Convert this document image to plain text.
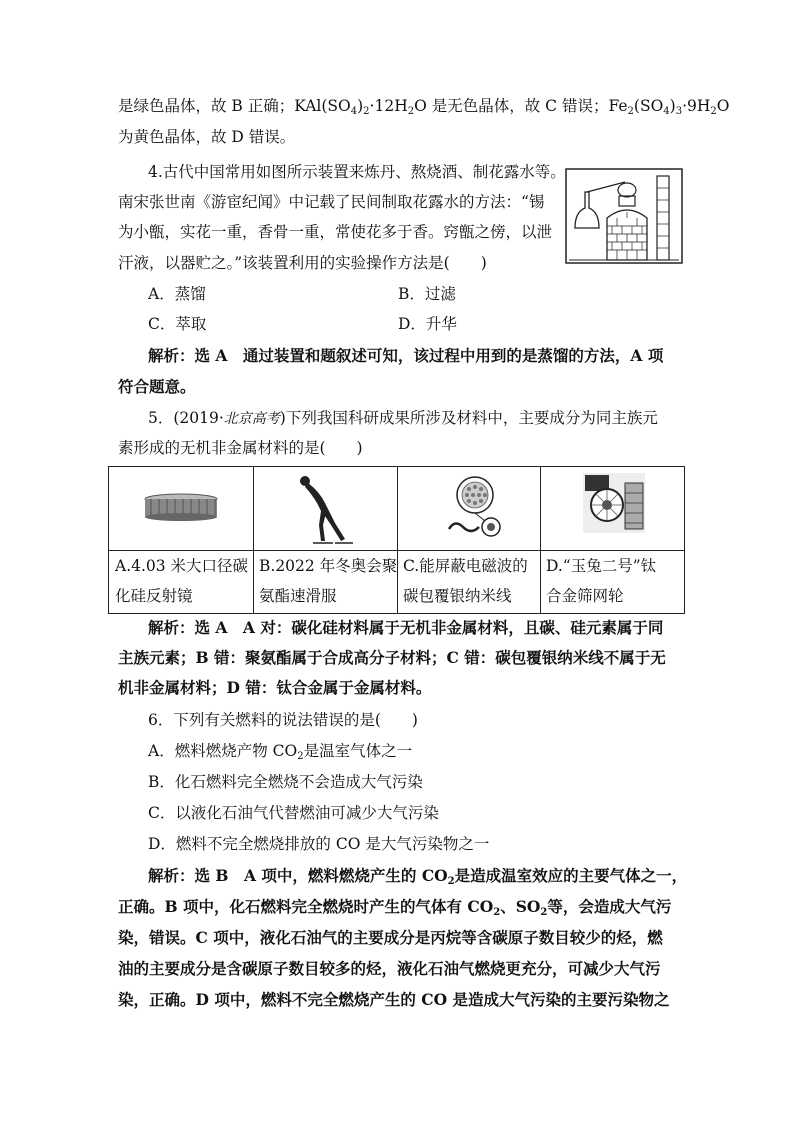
是绿色晶体，故 B 正确；$KAl(SO_4)_2\cdot 12H_2O$ 是无色晶体，故 C 错误；$Fe_2(SO_4)_3\cdot 9H_2O$
为黄色晶体，故 D 错误。
4.古代中国常用如图所示装置来炼丹、熬烧酒、制花露水等。
南宋张世南《游宦纪闻》中记载了民间制取花露水的方法：“锡
为小甑，实花一重，香骨一重，常使花多于香。窍甑之傍，以泄
汗液，以器贮之。”该装置利用的实验操作方法是(　　)
A．蒸馏	B．过滤
C．萃取	D．升华
解析：选 A　通过装置和题叙述可知，该过程中用到的是蒸馏的方法，A 项
符合题意。
5．(2019·北京高考)下列我国科研成果所涉及材料中，主要成分为同主族元
素形成的无机非金属材料的是(　　)
A.4.03 米大口径碳
化硅反射镜
B.2022 年冬奥会聚
氨酯速滑服
C.能屏蔽电磁波的
碳包覆银纳米线
D.“玉兔二号”钛
合金筛网轮
解析：选 A　A 对：碳化硅材料属于无机非金属材料，且碳、硅元素属于同
主族元素；B 错：聚氨酯属于合成高分子材料；C 错：碳包覆银纳米线不属于无
机非金属材料；D 错：钛合金属于金属材料。
6．下列有关燃料的说法错误的是(　　)
A．燃料燃烧产物 $CO_2$是温室气体之一
B．化石燃料完全燃烧不会造成大气污染
C．以液化石油气代替燃油可减少大气污染
D．燃料不完全燃烧排放的 CO 是大气污染物之一
解析：选 B　A 项中，燃料燃烧产生的 $CO_2$是造成温室效应的主要气体之一，
正确。B 项中，化石燃料完全燃烧时产生的气体有 $CO_2$、$SO_2$等，会造成大气污
染，错误。C 项中，液化石油气的主要成分是丙烷等含碳原子数目较少的烃，燃
油的主要成分是含碳原子数目较多的烃，液化石油气燃烧更充分，可减少大气污
染，正确。D 项中，燃料不完全燃烧产生的 CO 是造成大气污染的主要污染物之
